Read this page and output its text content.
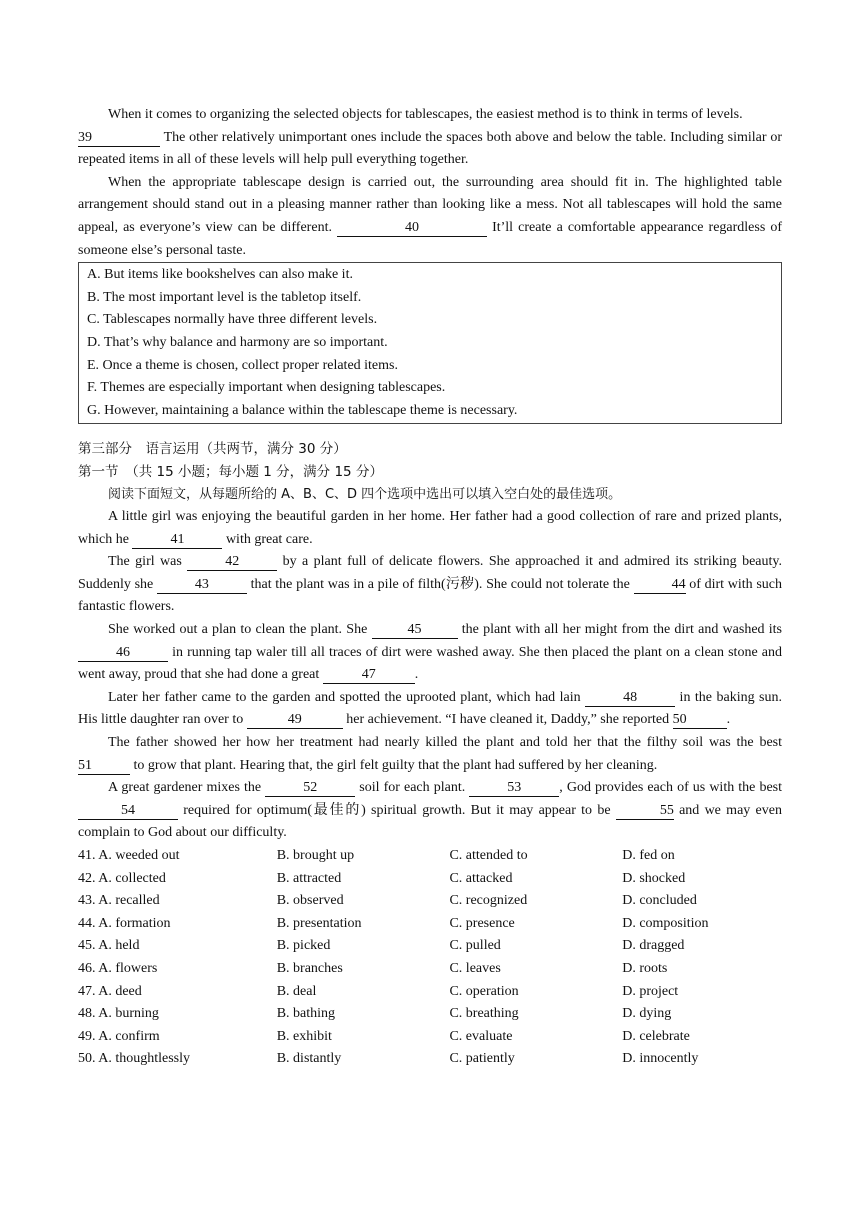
When it comes to organizing the selected objects for tablescapes, the easiest method is to think in terms of levels.
39	The other relatively unimportant ones include the spaces both above and below the table. Including similar or repeated items in all of these levels will help pull everything together.

When the appropriate tablescape design is carried out, the surrounding area should fit in. The highlighted table arrangement should stand out in a pleasing manner rather than looking like a mess. Not all tablescapes will hold the same appeal, as everyone’s view can be different.	40	It’ll create a comfortable appearance regardless of someone else’s personal taste.

A. But items like bookshelves can also make it.
B. The most important level is the tabletop itself.
C. Tablescapes normally have three different levels.
D. That’s why balance and harmony are so important.
E. Once a theme is chosen, collect proper related items.
F. Themes are especially important when designing tablescapes.
G. However, maintaining a balance within the tablescape theme is necessary.
第三部分　语言运用（共两节，满分 30 分）
第一节　（共 15 小题；每小题 1 分，满分 15 分）

阅读下面短文，从每题所给的 A、B、C、D 四个选项中选出可以填入空白处的最佳选项。

A little girl was enjoying the beautiful garden in her home. Her father had a good collection of rare and prized plants, which he	41	with great care.

The girl was	42	by a plant full of delicate flowers. She approached it and admired its striking beauty. Suddenly she	43	that the plant was in a pile of filth(污秽). She could not tolerate the	44 of dirt with such fantastic flowers.

She worked out a plan to clean the plant. She	45	the plant with all her might from the dirt and washed its 46	in running tap waler till all traces of dirt were washed away. She then placed the plant on a clean stone and went away, proud that she had done a great	47	.

Later her father came to the garden and spotted the uprooted plant, which had lain	48	in the baking sun. His little daughter ran over to	49	her achievement. “I have cleaned it, Daddy,” she reported 50	.

The father showed her how her treatment had nearly killed the plant and told her that the filthy soil was the best 51	to grow that plant. Hearing that, the girl felt guilty that the plant had suffered by her cleaning.

A great gardener mixes the	52	soil for each plant.	53	, God provides each of us with the best 54	required for optimum(最佳的) spiritual growth. But it may appear to be	55 and we may even complain to God about our difficulty.

41. A. weeded out	B. brought up	C. attended to	D. fed on
42. A. collected	B. attracted	C. attacked	D. shocked
43. A. recalled	B. observed	C. recognized	D. concluded
44. A. formation	B. presentation	C. presence	D. composition
45. A. held	B. picked	C. pulled	D. dragged
46. A. flowers	B. branches	C. leaves	D. roots
47. A. deed	B. deal	C. operation	D. project
48. A. burning	B. bathing	C. breathing	D. dying
49. A. confirm	B. exhibit	C. evaluate	D. celebrate
50. A. thoughtlessly	B. distantly	C. patiently	D. innocently
